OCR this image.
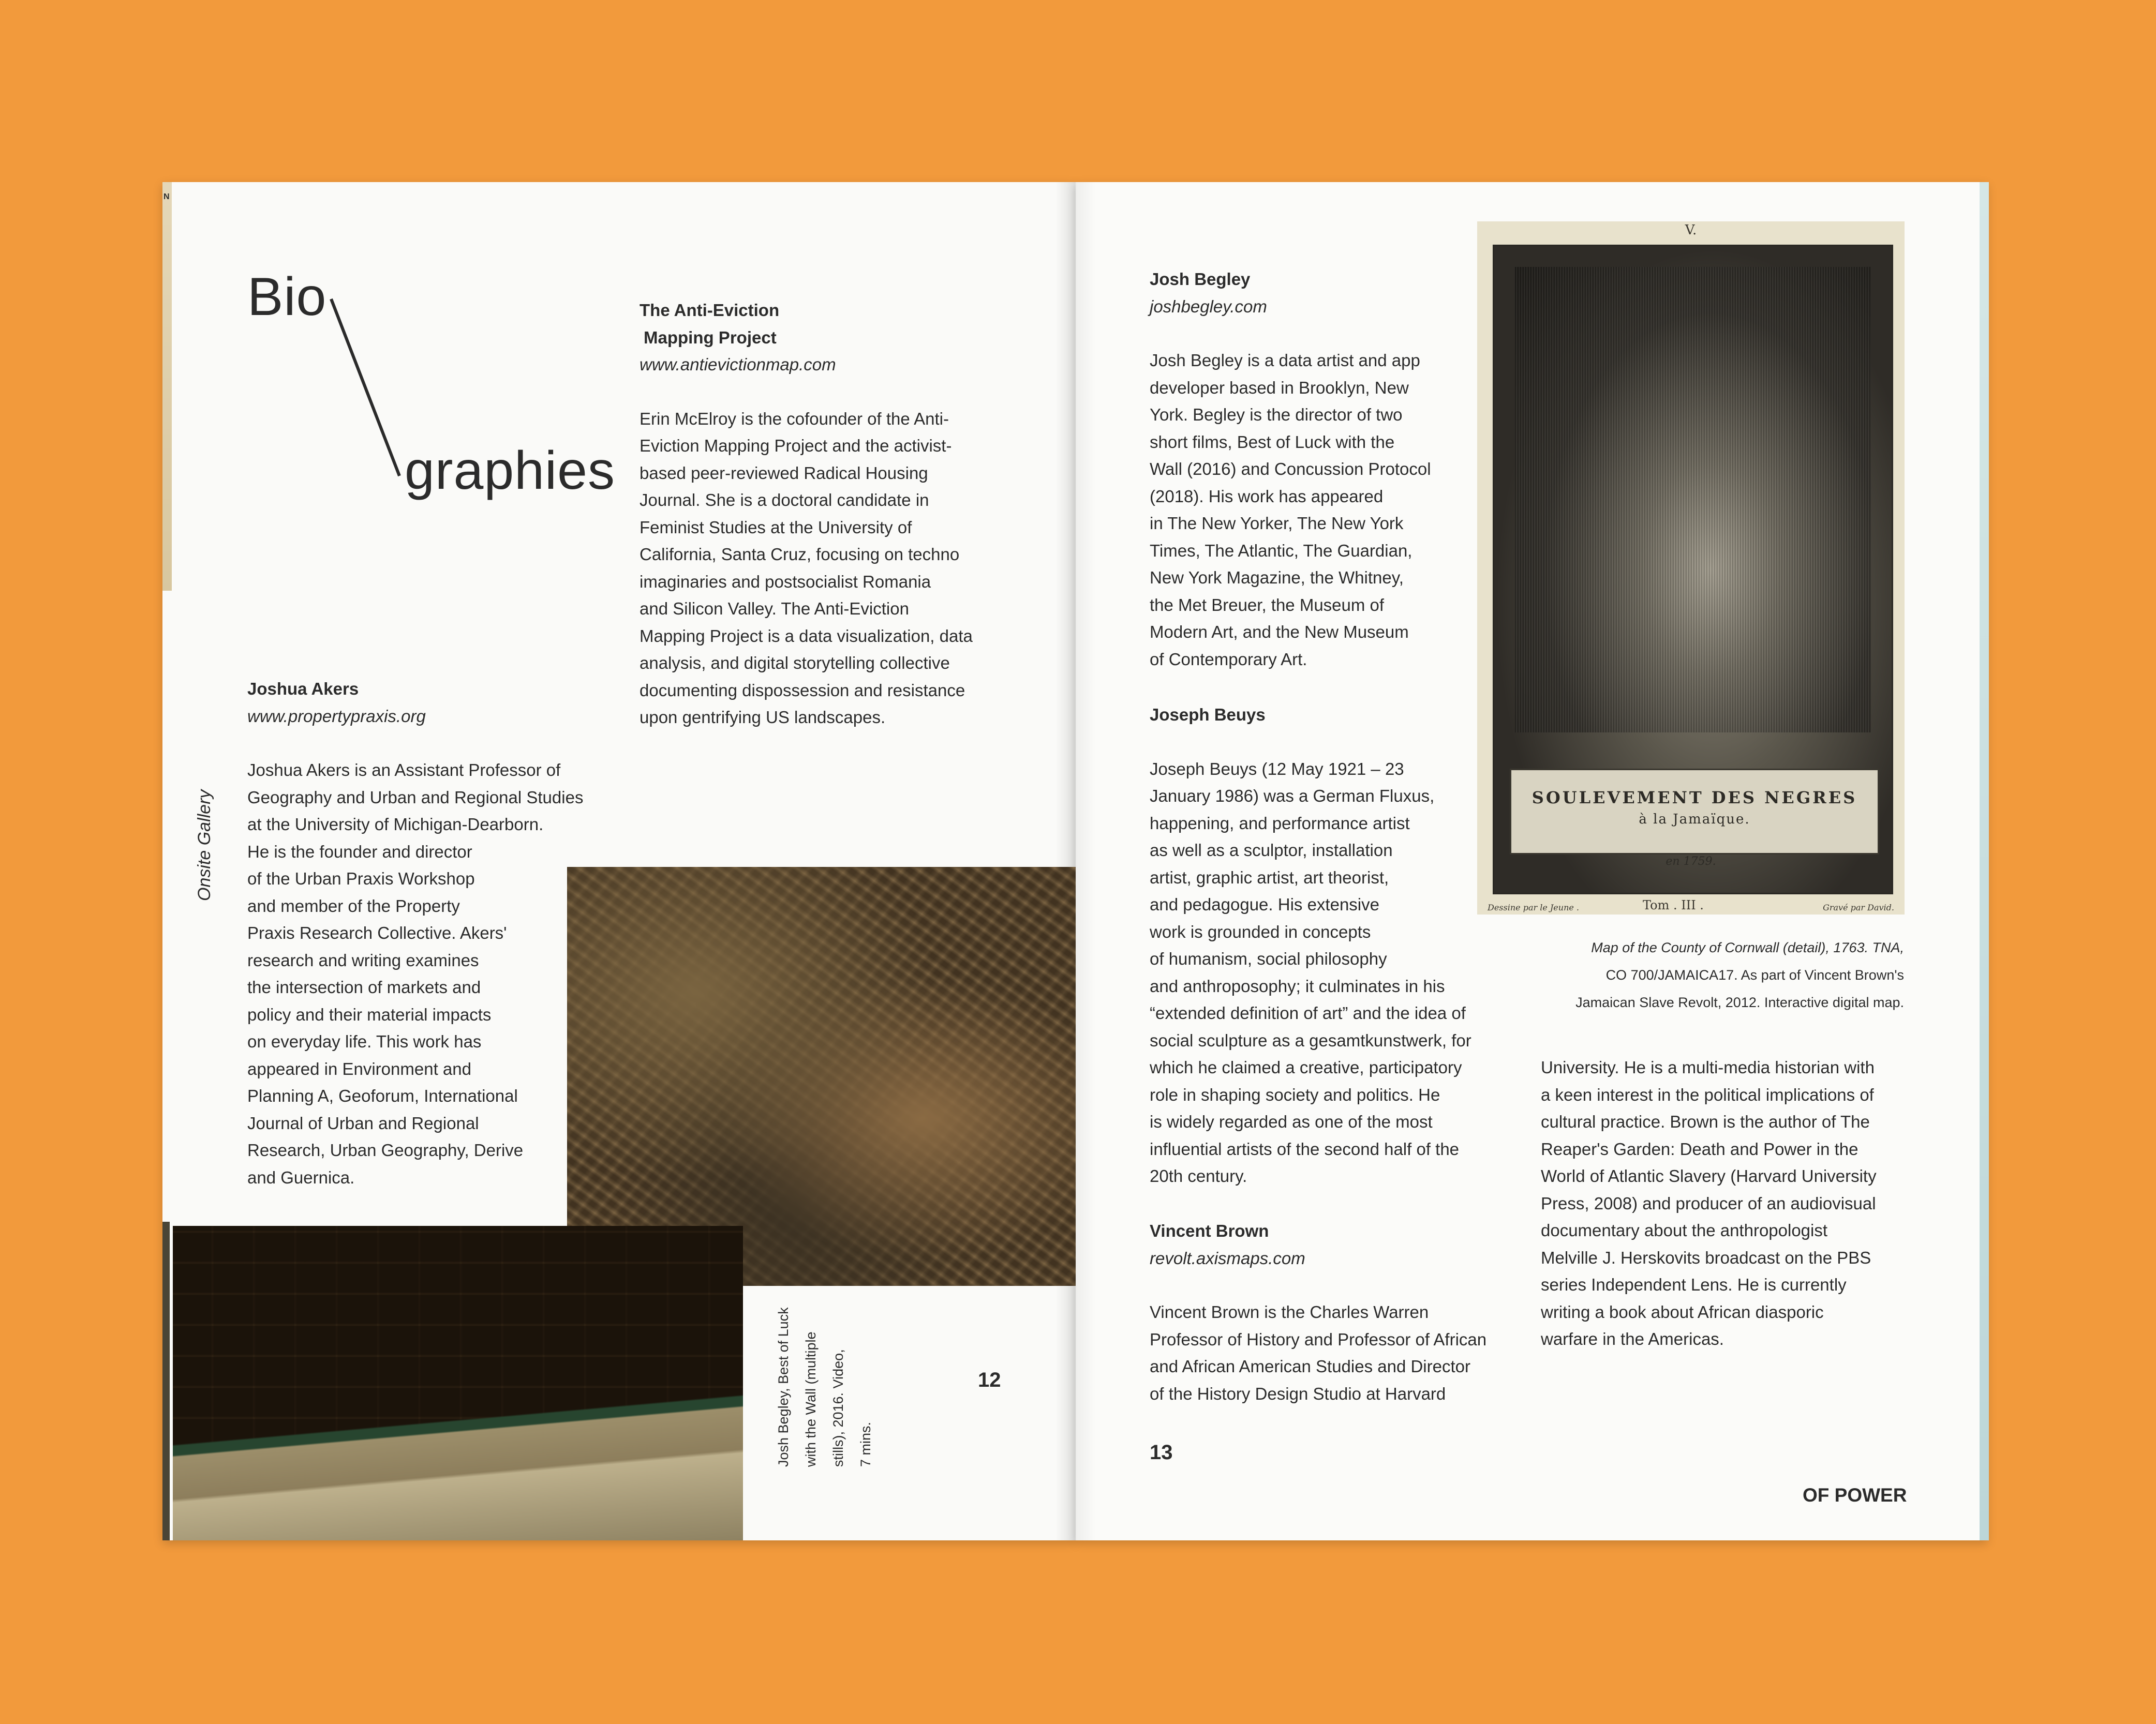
N
Bio
graphies
The Anti-Eviction
Mapping Project
www.antievictionmap.com

Erin McElroy is the cofounder of the Anti-

Eviction Mapping Project and the activist-

based peer-reviewed Radical Housing

Journal. She is a doctoral candidate in

Feminist Studies at the University of

California, Santa Cruz, focusing on techno

imaginaries and postsocialist Romania

and Silicon Valley. The Anti-Eviction

Mapping Project is a data visualization, data

analysis, and digital storytelling collective

documenting dispossession and resistance

upon gentrifying US landscapes.

Onsite Gallery
Joshua Akers
www.propertypraxis.org

Joshua Akers is an Assistant Professor of

Geography and Urban and Regional Studies

at the University of Michigan-Dearborn.

He is the founder and director

of the Urban Praxis Workshop

and member of the Property

Praxis Research Collective. Akers'

research and writing examines

the intersection of markets and

policy and their material impacts

on everyday life. This work has

appeared in Environment and

Planning A, Geoforum, International

Journal of Urban and Regional

Research, Urban Geography, Derive

and Guernica.

Josh Begley, Best of Luck with the Wall (multiple stills), 2016. Video, 7 mins.
12
Josh Begley
joshbegley.com

Josh Begley is a data artist and app

developer based in Brooklyn, New

York. Begley is the director of two

short films, Best of Luck with the

Wall (2016) and Concussion Protocol

(2018). His work has appeared

in The New Yorker, The New York

Times, The Atlantic, The Guardian,

New York Magazine, the Whitney,

the Met Breuer, the Museum of

Modern Art, and the New Museum

of Contemporary Art.

Joseph Beuys

Joseph Beuys (12 May 1921 – 23

January 1986) was a German Fluxus,

happening, and performance artist

as well as a sculptor, installation

artist, graphic artist, art theorist,

and pedagogue. His extensive

work is grounded in concepts

of humanism, social philosophy

and anthroposophy; it culminates in his

“extended definition of art” and the idea of

social sculpture as a gesamtkunstwerk, for

which he claimed a creative, participatory

role in shaping society and politics. He

is widely regarded as one of the most

influential artists of the second half of the

20th century.

Vincent Brown
revolt.axismaps.com

Vincent Brown is the Charles Warren

Professor of History and Professor of African

and African American Studies and Director

of the History Design Studio at Harvard

University. He is a multi-media historian with

a keen interest in the political implications of

cultural practice. Brown is the author of The

Reaper's Garden: Death and Power in the

World of Atlantic Slavery (Harvard University

Press, 2008) and producer of an audiovisual

documentary about the anthropologist

Melville J. Herskovits broadcast on the PBS

series Independent Lens. He is currently

writing a book about African diasporic

warfare in the Americas.

V.
SOULEVEMENT DES NEGRES
à la Jamaïque.
en 1759.
Dessine par le Jeune .	Tom . III .	Gravé par David.
Map of the County of Cornwall (detail), 1763. TNA,
CO 700/JAMAICA17. As part of Vincent Brown's
Jamaican Slave Revolt, 2012. Interactive digital map.
13
OF POWER
